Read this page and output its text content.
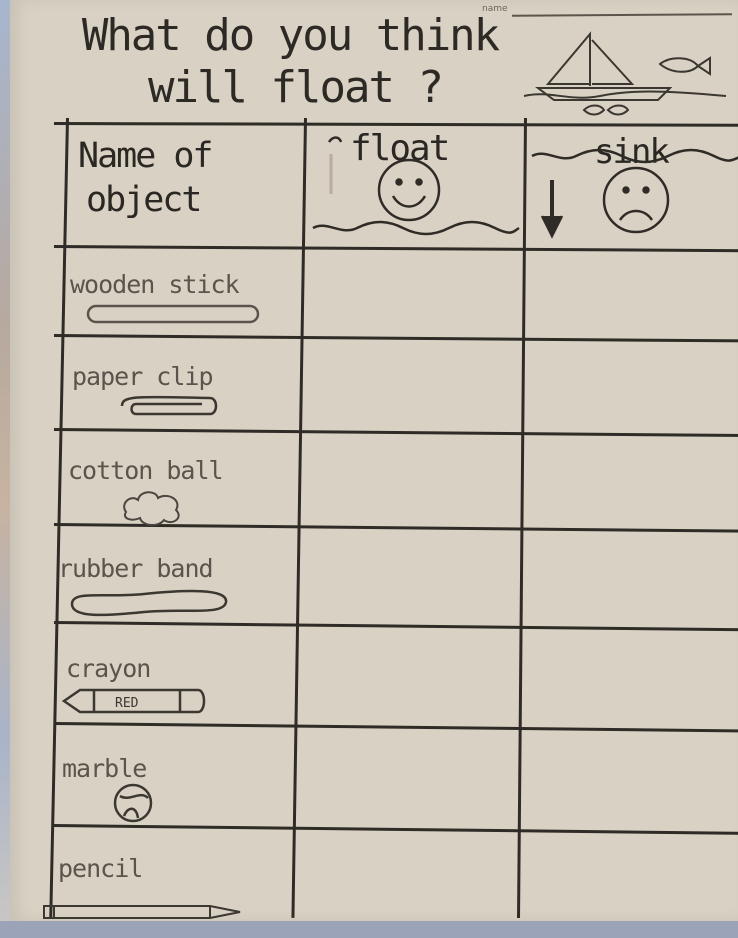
What do you think
will float ?
name
Name of
object
float	sink
wooden stick
paper clip
cotton ball
rubber band
crayon
marble
pencil
RED
